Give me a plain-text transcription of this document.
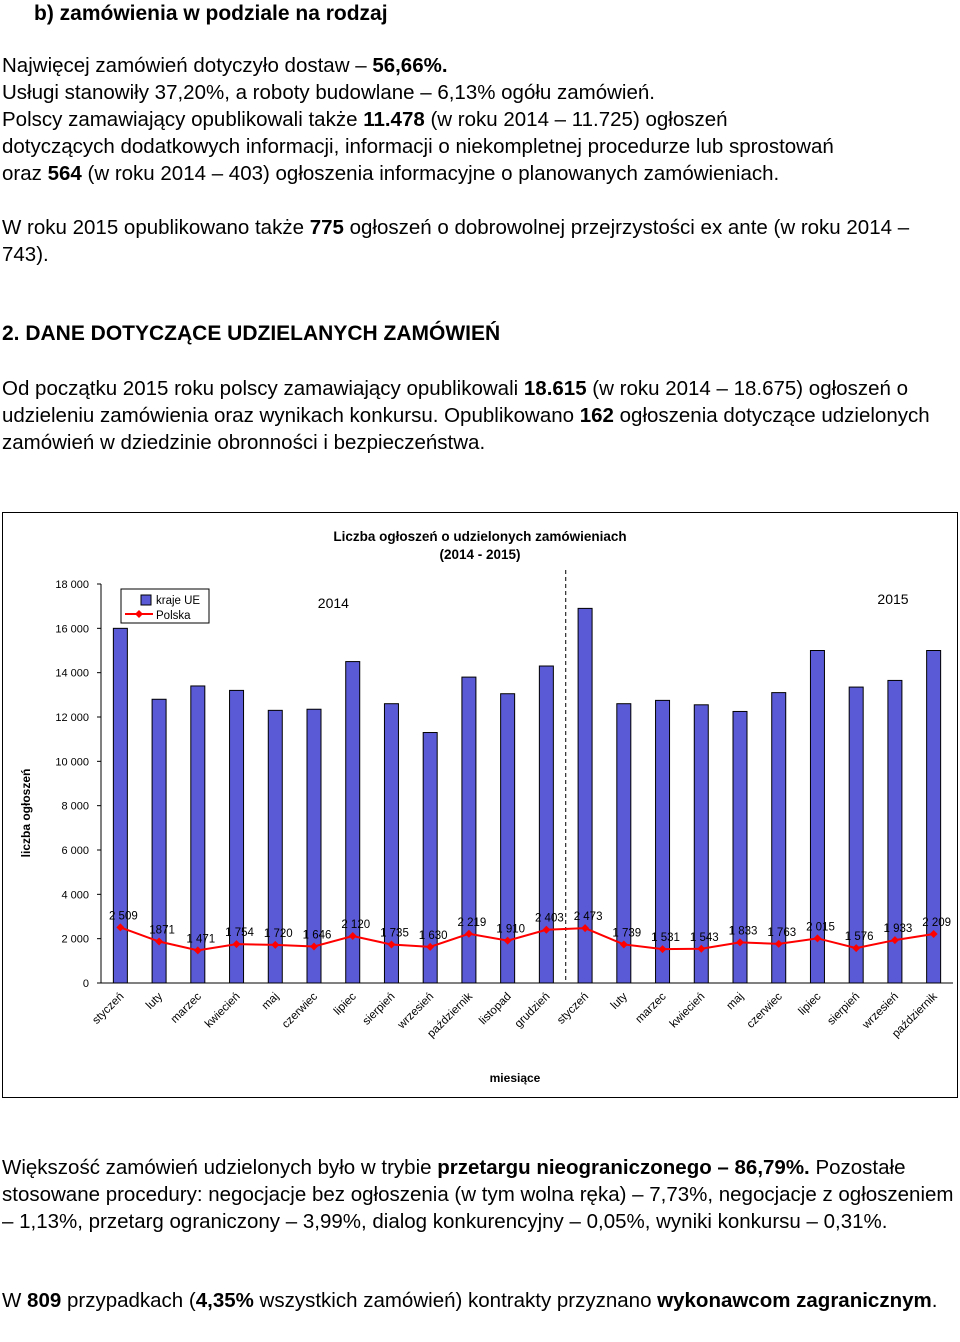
b) zamówienia w podziale na rodzaj

Najwięcej zamówień dotyczyło dostaw – 56,66%.
Usługi stanowiły 37,20%, a roboty budowlane – 6,13% ogółu zamówień.
Polscy zamawiający opublikowali także 11.478 (w roku 2014 – 11.725) ogłoszeń
dotyczących dodatkowych informacji, informacji o niekompletnej procedurze lub sprostowań
oraz 564 (w roku 2014 – 403) ogłoszenia informacyjne o planowanych zamówieniach.

W roku 2015 opublikowano także 775 ogłoszeń o dobrowolnej przejrzystości ex ante (w roku 2014 – 743).

2. DANE DOTYCZĄCE UDZIELANYCH ZAMÓWIEŃ

Od początku 2015 roku polscy zamawiający opublikowali 18.615 (w roku 2014 – 18.675) ogłoszeń o udzieleniu zamówienia oraz wynikach konkursu. Opublikowano 162 ogłoszenia dotyczące udzielonych zamówień w dziedzinie obronności i bezpieczeństwa.

Liczba ogłoszeń o udzielonych zamówieniach
(2014 - 2015)
liczba ogłoszeń
miesiące
0
2 000
4 000
6 000
8 000
10 000
12 000
14 000
16 000
18 000
2014	2015
2 509
1871
1 471
1 754 1 720 1 646
2 120
1 735 1 630
2 219
1 910
2 403 2 473
1 739 1 531 1 543
1 833 1 763 2 015
1 576
1 933
2 209
styczeń luty marzec kwiecień maj
czerwiec lipiec sierpień
wrzesień
październik listopad grudzień styczeń luty marzec kwiecień maj
czerwiec lipiec sierpień
wrzesień
październik
kraje UE
Polska

Większość zamówień udzielonych było w trybie przetargu nieograniczonego – 86,79%. Pozostałe stosowane procedury: negocjacje bez ogłoszenia (w tym wolna ręka) – 7,73%, negocjacje z ogłoszeniem – 1,13%, przetarg ograniczony – 3,99%, dialog konkurencyjny – 0,05%, wyniki konkursu – 0,31%.

W 809 przypadkach (4,35% wszystkich zamówień) kontrakty przyznano wykonawcom zagranicznym.
